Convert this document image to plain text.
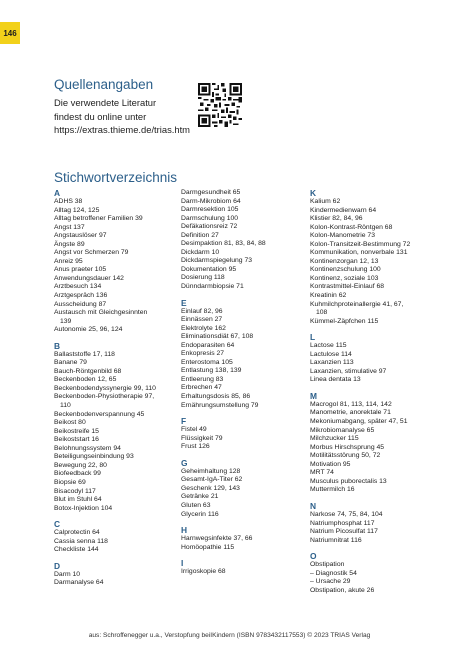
146
Quellenangaben
Die verwendete Literatur
findest du online unter
https://extras.thieme.de/trias.htm
Stichwortverzeichnis
A
ADHS 38
Alltag 124, 125
Alltag betroffener Familien 39
Angst 137
Angstauslöser 97
Ängste 89
Angst vor Schmerzen 79
Anreiz 95
Anus praeter 105
Anwendungsdauer 142
Arztbesuch 134
Arztgespräch 136
Ausscheidung 87
Austausch mit Gleichgesinnten
139
Autonomie 25, 96, 124
B
Ballaststoffe 17, 118
Banane 79
Bauch-Röntgenbild 68
Beckenboden 12, 65
Beckenbodendyssynergie 99, 110
Beckenboden-Physiotherapie 97,
110
Beckenbodenverspannung 45
Beikost 80
Beikostreife 15
Beikoststart 16
Belohnungssystem 94
Beteiligungseinbindung 93
Bewegung 22, 80
Biofeedback 99
Biopsie 69
Bisacodyl 117
Blut im Stuhl 64
Botox-Injektion 104
C
Calprotectin 64
Cassia senna 118
Checkliste 144
D
Darm 10
Darmanalyse 64
Darmgesundheit 65
Darm-Mikrobiom 64
Darmresektion 105
Darmschulung 100
Defäkationsreiz 72
Definition 27
Desimpaktion 81, 83, 84, 88
Dickdarm 10
Dickdarmspiegelung 73
Dokumentation 95
Dosierung 118
Dünndarmbiopsie 71
E
Einlauf 82, 96
Einnässen 27
Elektrolyte 162
Eliminationsdiät 67, 108
Endoparasiten 64
Enkopresis 27
Enterostoma 105
Entlastung 138, 139
Entleerung 83
Erbrechen 47
Erhaltungsdosis 85, 86
Ernährungsumstellung 79
F
Fistel 49
Flüssigkeit 79
Frust 126
G
Geheimhaltung 128
Gesamt-IgA-Titer 62
Geschenk 129, 143
Getränke 21
Gluten 63
Glycerin 116
H
Harnwegsinfekte 37, 66
Homöopathie 115
I
Irrigoskopie 68
K
Kalium 62
Kindermedienwarn 64
Klistier 82, 84, 96
Kolon-Kontrast-Röntgen 68
Kolon-Manometrie 73
Kolon-Transitzeit-Bestimmung 72
Kommunikation, nonverbale 131
Kontinenzorgan 12, 13
Kontinenzschulung 100
Kontinenz, soziale 103
Kontrastmittel-Einlauf 68
Kreatinin 62
Kuhmilchproteinallergie 41, 67,
108
Kümmel-Zäpfchen 115
L
Lactose 115
Lactulose 114
Laxanzien 113
Laxanzien, stimulative 97
Linea dentata 13
M
Macrogol 81, 113, 114, 142
Manometrie, anorektale 71
Mekoniumabgang, später 47, 51
Mikrobiomanalyse 65
Milchzucker 115
Morbus Hirschsprung 45
Motilitätsstörung 50, 72
Motivation 95
MRT 74
Musculus puborectalis 13
Muttermilch 16
N
Narkose 74, 75, 84, 104
Natriumphosphat 117
Natrium Picosulfat 117
Natriumnitrat 116
O
Obstipation
– Diagnostik 54
– Ursache 29
Obstipation, akute 26
aus: Schroffenegger u.a., Verstopfung beiIKindern (ISBN 9783432117553) © 2023 TRIAS Verlag
